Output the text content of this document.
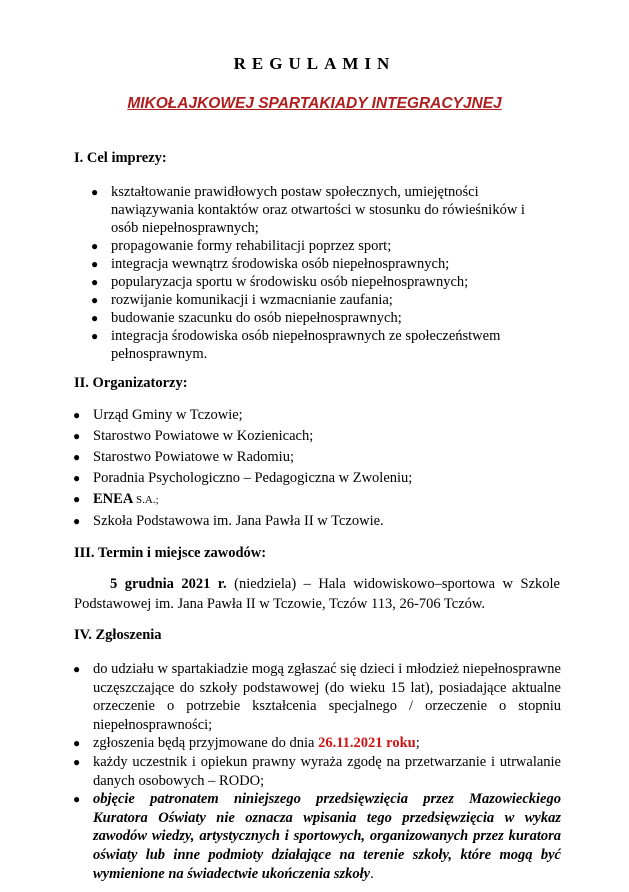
REGULAMIN
MIKOŁAJKOWEJ SPARTAKIADY INTEGRACYJNEJ
I. Cel imprezy:
● kształtowanie prawidłowych postaw społecznych, umiejętności nawiązywania kontaktów oraz otwartości w stosunku do rówieśników i osób niepełnosprawnych;
● propagowanie formy rehabilitacji poprzez sport;
● integracja wewnątrz środowiska osób niepełnosprawnych;
● popularyzacja sportu w środowisku osób niepełnosprawnych;
● rozwijanie komunikacji i wzmacnianie zaufania;
● budowanie szacunku do osób niepełnosprawnych;
● integracja środowiska osób niepełnosprawnych ze społeczeństwem pełnosprawnym.
II. Organizatorzy:
● Urząd Gminy w Tczowie;
● Starostwo Powiatowe w Kozienicach;
● Starostwo Powiatowe w Radomiu;
● Poradnia Psychologiczno – Pedagogiczna w Zwoleniu;
● ENEA S.A.;
● Szkoła Podstawowa im. Jana Pawła II w Tczowie.
III. Termin i miejsce zawodów:
5 grudnia 2021 r. (niedziela) – Hala widowiskowo–sportowa w Szkole Podstawowej im. Jana Pawła II w Tczowie, Tczów 113, 26-706 Tczów.
IV. Zgłoszenia
● do udziału w spartakiadzie mogą zgłaszać się dzieci i młodzież niepełnosprawne uczęszczające do szkoły podstawowej (do wieku 15 lat), posiadające aktualne orzeczenie o potrzebie kształcenia specjalnego / orzeczenie o stopniu niepełnosprawności;
● zgłoszenia będą przyjmowane do dnia 26.11.2021 roku;
● każdy uczestnik i opiekun prawny wyraża zgodę na przetwarzanie i utrwalanie danych osobowych – RODO;
● objęcie patronatem niniejszego przedsięwzięcia przez Mazowieckiego Kuratora Oświaty nie oznacza wpisania tego przedsięwzięcia w wykaz zawodów wiedzy, artystycznych i sportowych, organizowanych przez kuratora oświaty lub inne podmioty działające na terenie szkoły, które mogą być wymienione na świadectwie ukończenia szkoły.
